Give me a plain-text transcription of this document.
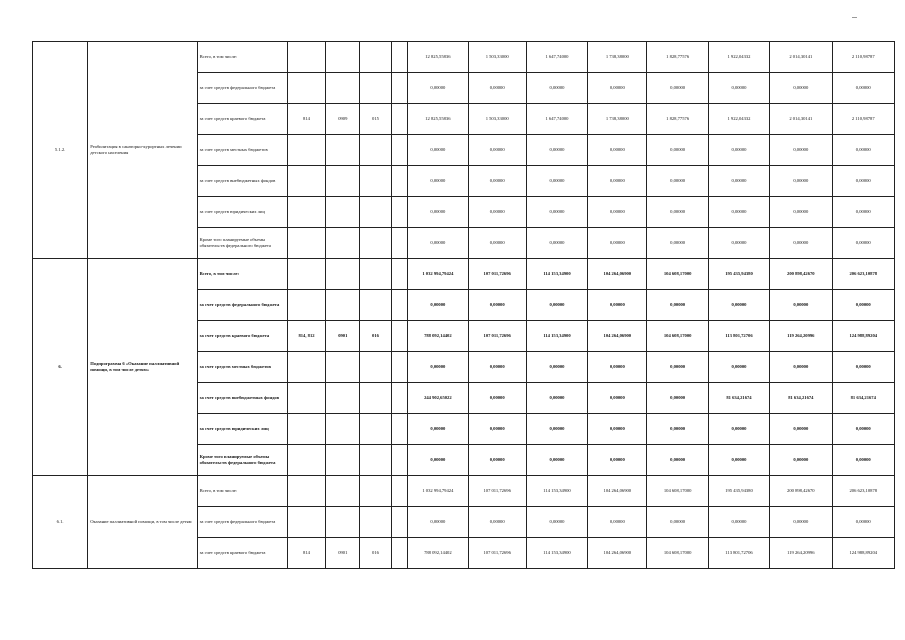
5.1.2.	Реабилитация в санаторно-курортных лечении детского населения	Всего, в том числе:					12 825,55836	1 503,33000	1 647,74000	1 738,38000	1 828,77576	1 922,04332	2 014,30141	2 110,98787
		за счет средств федерального бюджета					0,00000	0,00000	0,00000	0,00000	0,00000	0,00000	0,00000	0,00000
		за счет средств краевого бюджета	814	0909	015		12 825,55836	1 503,33000	1 647,74000	1 738,38000	1 828,77576	1 922,04332	2 014,30141	2 110,98787
		за счет средств местных бюджетов					0,00000	0,00000	0,00000	0,00000	0,00000	0,00000	0,00000	0,00000
		за счет средств внебюджетных фондов					0,00000	0,00000	0,00000	0,00000	0,00000	0,00000	0,00000	0,00000
		за счет средств юридических лиц					0,00000	0,00000	0,00000	0,00000	0,00000	0,00000	0,00000	0,00000
		Кроме того планируемые объемы обязательств федерального бюджета					0,00000	0,00000	0,00000	0,00000	0,00000	0,00000	0,00000	0,00000
6.	Подпрограмма 6 «Оказание паллиативной помощи, в том числе детям»	Всего, в том числе:					1 032 994,79424	107 011,72696	114 153,34900	104 264,06900	104 608,17000	195 435,94380	200 898,42670	206 623,10878
		за счет средств федерального бюджета					0,00000	0,00000	0,00000	0,00000	0,00000	0,00000	0,00000	0,00000
		за счет средств краевого бюджета	814, 812	0901	016		788 092,14402	107 011,72696	114 153,34900	104 264,06900	104 608,17000	113 801,72706	119 264,20996	124 988,89204
		за счет средств местных бюджетов					0,00000	0,00000	0,00000	0,00000	0,00000	0,00000	0,00000	0,00000
		за счет средств внебюджетных фондов					244 902,65022	0,00000	0,00000	0,00000	0,00000	81 634,21674	81 634,21674	81 634,21674
		за счет средств юридических лиц					0,00000	0,00000	0,00000	0,00000	0,00000	0,00000	0,00000	0,00000
		Кроме того планируемые объемы обязательств федерального бюджета					0,00000	0,00000	0,00000	0,00000	0,00000	0,00000	0,00000	0,00000
6.1.	Оказание паллиативной помощи, в том числе детям	Всего, в том числе:					1 032 994,79424	107 011,72696	114 153,34900	104 264,06900	104 608,17000	195 435,94380	200 898,42670	206 623,10878
		за счет средств федерального бюджета					0,00000	0,00000	0,00000	0,00000	0,00000	0,00000	0,00000	0,00000
		за счет средств краевого бюджета	814	0901	016		788 092,14402	107 011,72696	114 153,34900	104 264,06900	104 608,17000	113 801,72706	119 264,20996	124 988,89204
